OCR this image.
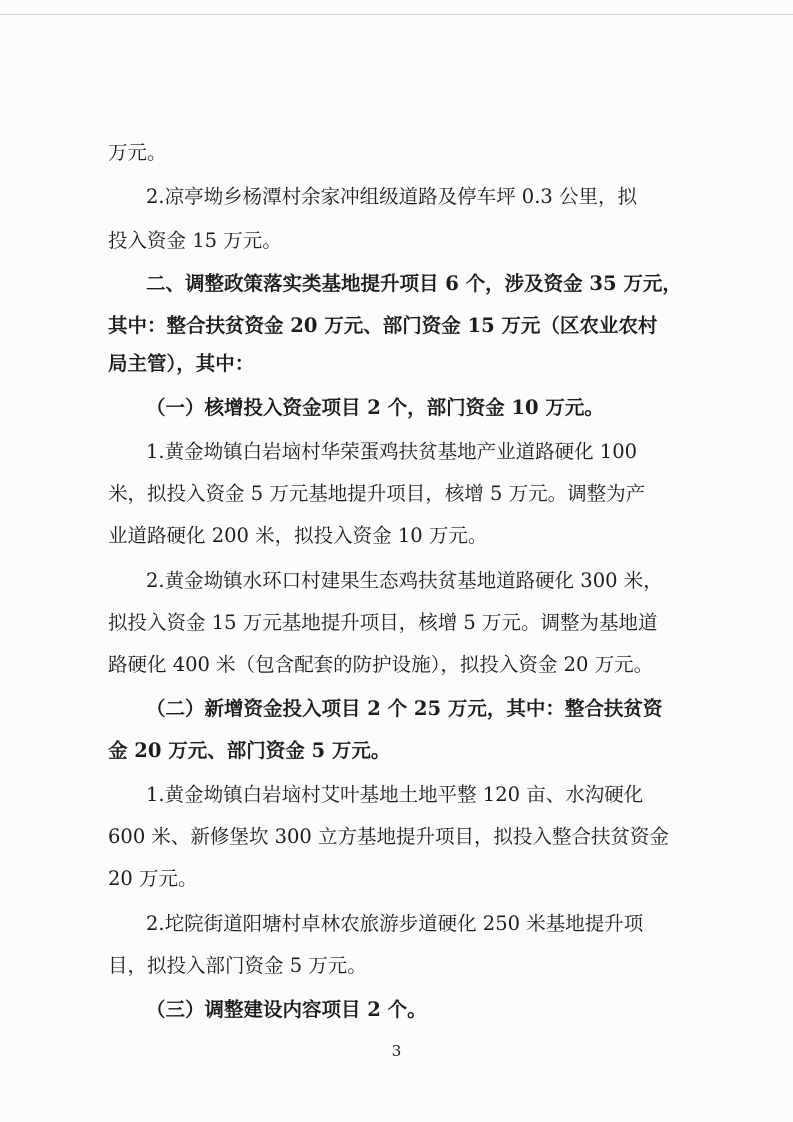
万元。
2.凉亭坳乡杨潭村余家冲组级道路及停车坪 0.3 公里，拟
投入资金 15 万元。
二、调整政策落实类基地提升项目 6 个，涉及资金 35 万元，
其中：整合扶贫资金 20 万元、部门资金 15 万元（区农业农村
局主管），其中：
（一）核增投入资金项目 2 个，部门资金 10 万元。
1.黄金坳镇白岩垴村华荣蛋鸡扶贫基地产业道路硬化 100
米，拟投入资金 5 万元基地提升项目，核增 5 万元。调整为产
业道路硬化 200 米，拟投入资金 10 万元。
2.黄金坳镇水环口村建果生态鸡扶贫基地道路硬化 300 米，
拟投入资金 15 万元基地提升项目，核增 5 万元。调整为基地道
路硬化 400 米（包含配套的防护设施），拟投入资金 20 万元。
（二）新增资金投入项目 2 个 25 万元，其中：整合扶贫资
金 20 万元、部门资金 5 万元。
1.黄金坳镇白岩垴村艾叶基地土地平整 120 亩、水沟硬化
600 米、新修堡坎 300 立方基地提升项目，拟投入整合扶贫资金
20 万元。
2.坨院街道阳塘村卓林农旅游步道硬化 250 米基地提升项
目，拟投入部门资金 5 万元。
（三）调整建设内容项目 2 个。
3
